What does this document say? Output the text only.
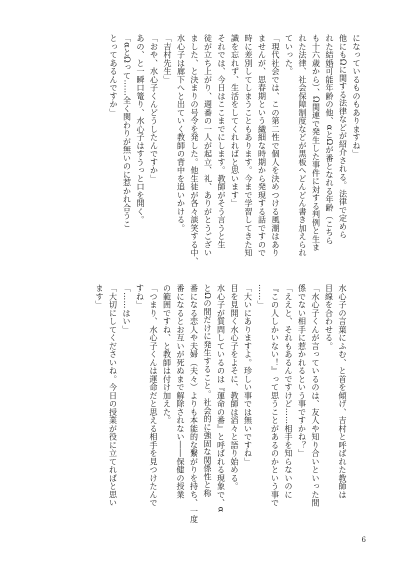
になっているものもありますね」
他にもΩに関する法律などが紹介される。法律で定めら
れた結婚可能年齢の他、αとΩが番となれる年齢（こちら
も十六歳から）、Ω関連で発生した事件に対する判例と生ま
れた法律、社会保障制度などが黒板へどんどん書き加えられ
ていった。
「現代社会では、この第二性で個人を決めつける風潮はあり
ませんが、思春期という繊細な時期から発現する話ですので
時に差別してしまうこともあります。今まで学習してきた知
識を忘れず、生活をしてくれればと思います」
それでは、今日はここまでにします。教師がそう言うと生
徒が立ち上がり、週番の一人が起立、礼、ありがとうござい
ました、と決まりの号令を発した。他生徒が各々談笑する中、
水心子は廊下へと出ていく教師の背中を追いかける。
「吉村先生」
「おや、水心子くんどうしたんですか」
あの、と一瞬口篭り、水心子はすうっと口を開く。
「αとΩって……全く関わりが無いのに惹かれ合うこ
とってあるんですか」
水心子の言葉にふむ、と首を傾げ、吉村と呼ばれた教師は
目線を合わせる。
「水心子くんが言っているのは、友人や知り合いといった間
係でない相手に惹かれるという事ですかね？」
「ええと、それもあるんですけど……相手を知らないのに
『この人しかいない！』って思うことがあるのかという事で
……」
「大いにありますよ。珍しい事では無いですね」
目を見開く水心子をよそに、教師は滔々と語り始める。
水心子が質問しているのは『運命の番』と呼ばれる現象で、α
とΩの間だけに発生すること。社会的に強固な関係性と称
番になる恋人や夫婦（夫々）よりも本能的な繋がりを持ち、一度
番になるとお互いが死ぬまで解除されない――保健の授業
の範囲ですね、と教師は付け加えた。
「つまり、水心子くんは運命だと思える相手を見つけたんで
すね」
「……はい」
「大切にしてくださいね。今日の授業が役に立てればと思い
ます」
6
